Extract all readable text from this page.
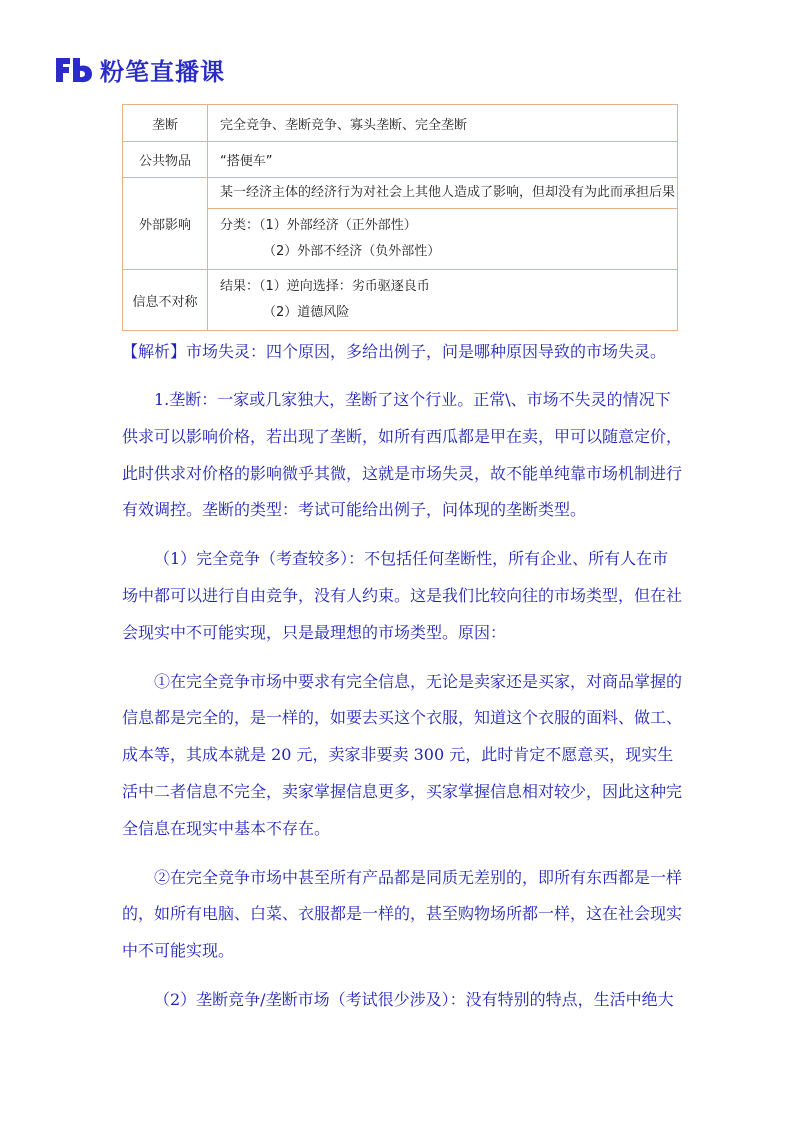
粉笔直播课
垄断	完全竞争、垄断竞争、寡头垄断、完全垄断
公共物品	“搭便车”
外部影响	某一经济主体的经济行为对社会上其他人造成了影响，但却没有为此而承担后果
分类：（1）外部经济（正外部性）
（2）外部不经济（负外部性）

信息不对称	结果：（1）逆向选择：劣币驱逐良币
（2）道德风险

【解析】市场失灵：四个原因，多给出例子，问是哪种原因导致的市场失灵。

1.垄断：一家或几家独大，垄断了这个行业。正常\、市场不失灵的情况下供求可以影响价格，若出现了垄断，如所有西瓜都是甲在卖，甲可以随意定价，此时供求对价格的影响微乎其微，这就是市场失灵，故不能单纯靠市场机制进行有效调控。垄断的类型：考试可能给出例子，问体现的垄断类型。

（1）完全竞争（考查较多）：不包括任何垄断性，所有企业、所有人在市场中都可以进行自由竞争，没有人约束。这是我们比较向往的市场类型，但在社会现实中不可能实现，只是最理想的市场类型。原因：

①在完全竞争市场中要求有完全信息，无论是卖家还是买家，对商品掌握的信息都是完全的，是一样的，如要去买这个衣服，知道这个衣服的面料、做工、成本等，其成本就是 20 元，卖家非要卖 300 元，此时肯定不愿意买，现实生活中二者信息不完全，卖家掌握信息更多，买家掌握信息相对较少，因此这种完全信息在现实中基本不存在。

②在完全竞争市场中甚至所有产品都是同质无差别的，即所有东西都是一样的，如所有电脑、白菜、衣服都是一样的，甚至购物场所都一样，这在社会现实中不可能实现。

（2）垄断竞争/垄断市场（考试很少涉及）：没有特别的特点，生活中绝大
